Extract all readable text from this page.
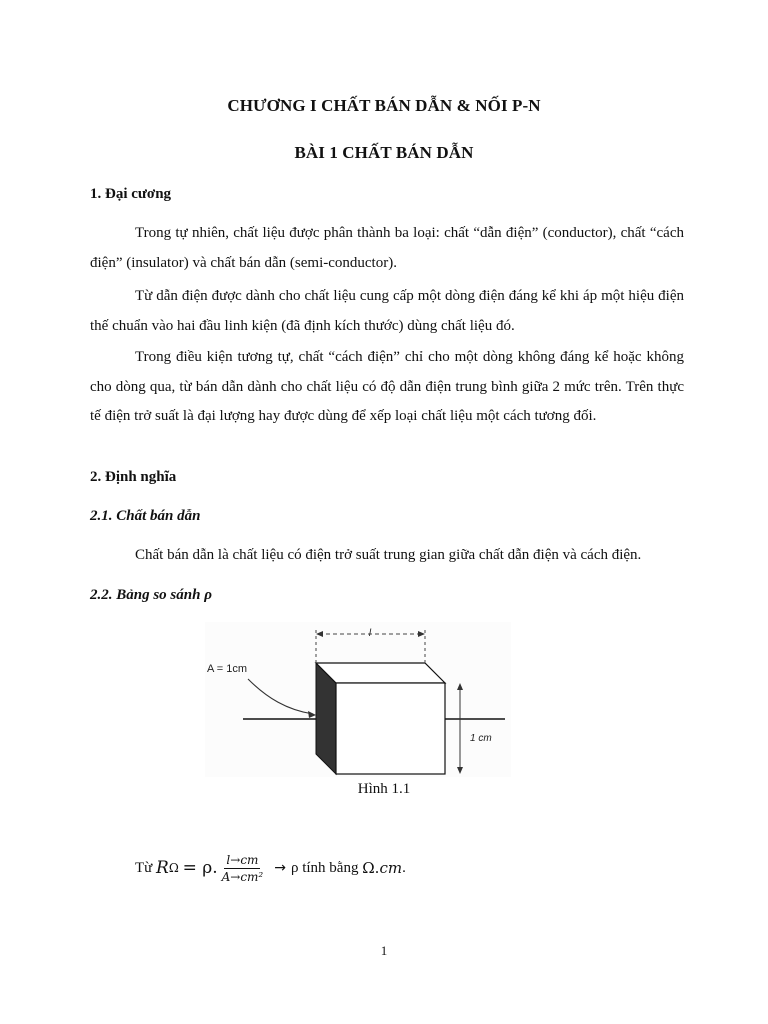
CHƯƠNG I CHẤT BÁN DẪN & NỐI P-N
BÀI 1 CHẤT BÁN DẪN
1. Đại cương

Trong tự nhiên, chất liệu được phân thành ba loại: chất “dẫn điện” (conductor), chất “cách điện” (insulator) và chất bán dẫn (semi-conductor).

Từ dẫn điện được dành cho chất liệu cung cấp một dòng điện đáng kể khi áp một hiệu điện thế chuẩn vào hai đầu linh kiện (đã định kích thước) dùng chất liệu đó.

Trong điều kiện tương tự, chất “cách điện” chỉ cho một dòng không đáng kể hoặc không cho dòng qua, từ bán dẫn dành cho chất liệu có độ dẫn điện trung bình giữa 2 mức trên. Trên thực tế điện trở suất là đại lượng hay được dùng để xếp loại chất liệu một cách tương đối.

2. Định nghĩa
2.1. Chất bán dẫn

Chất bán dẫn là chất liệu có điện trở suất trung gian giữa chất dẫn điện và cách điện.

2.2. Bảng so sánh ρ
l
1 cm
A = 1cm
Hình 1.1
Từ
R Ω
= ρ. $\frac{l\to cm}{\text{A→cm²}} \to \rho$ tính bằng
Ω. cm .
1
